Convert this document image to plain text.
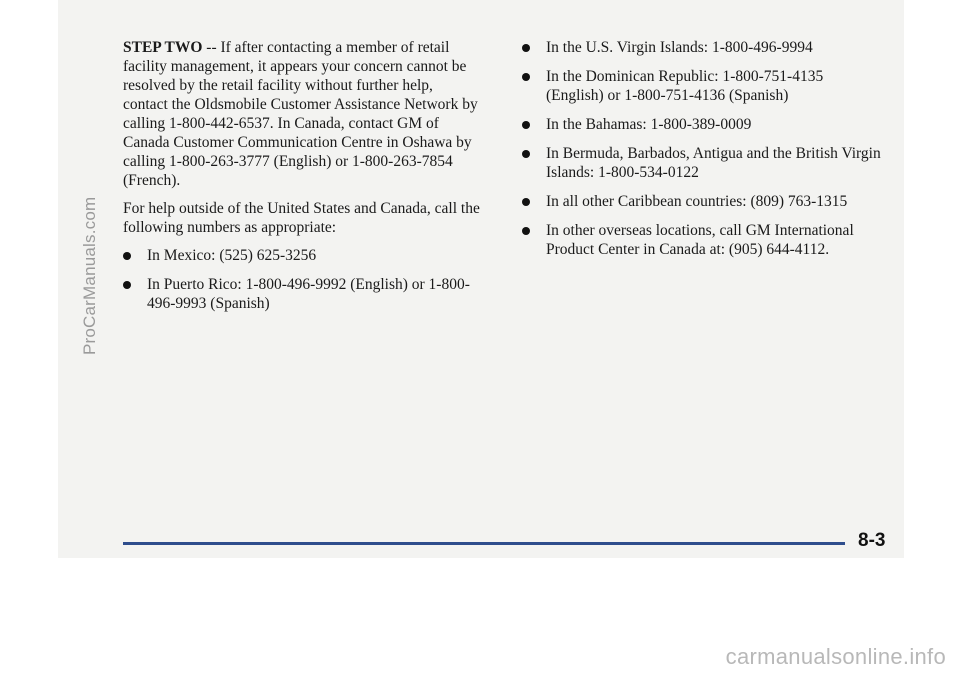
ProCarManuals.com

STEP TWO -- If after contacting a member of retail facility management, it appears your concern cannot be resolved by the retail facility without further help, contact the Oldsmobile Customer Assistance Network by calling 1-800-442-6537. In Canada, contact GM of Canada Customer Communication Centre in Oshawa by calling 1-800-263-3777 (English) or 1-800-263-7854 (French).

For help outside of the United States and Canada, call the following numbers as appropriate:

In Mexico: (525) 625-3256
In Puerto Rico: 1-800-496-9992 (English) or 1-800-496-9993 (Spanish)
In the U.S. Virgin Islands: 1-800-496-9994
In the Dominican Republic: 1-800-751-4135 (English) or 1-800-751-4136 (Spanish)
In the Bahamas: 1-800-389-0009
In Bermuda, Barbados, Antigua and the British Virgin Islands: 1-800-534-0122
In all other Caribbean countries: (809) 763-1315
In other overseas locations, call GM International Product Center in Canada at: (905) 644-4112.
8-3
carmanualsonline.info
